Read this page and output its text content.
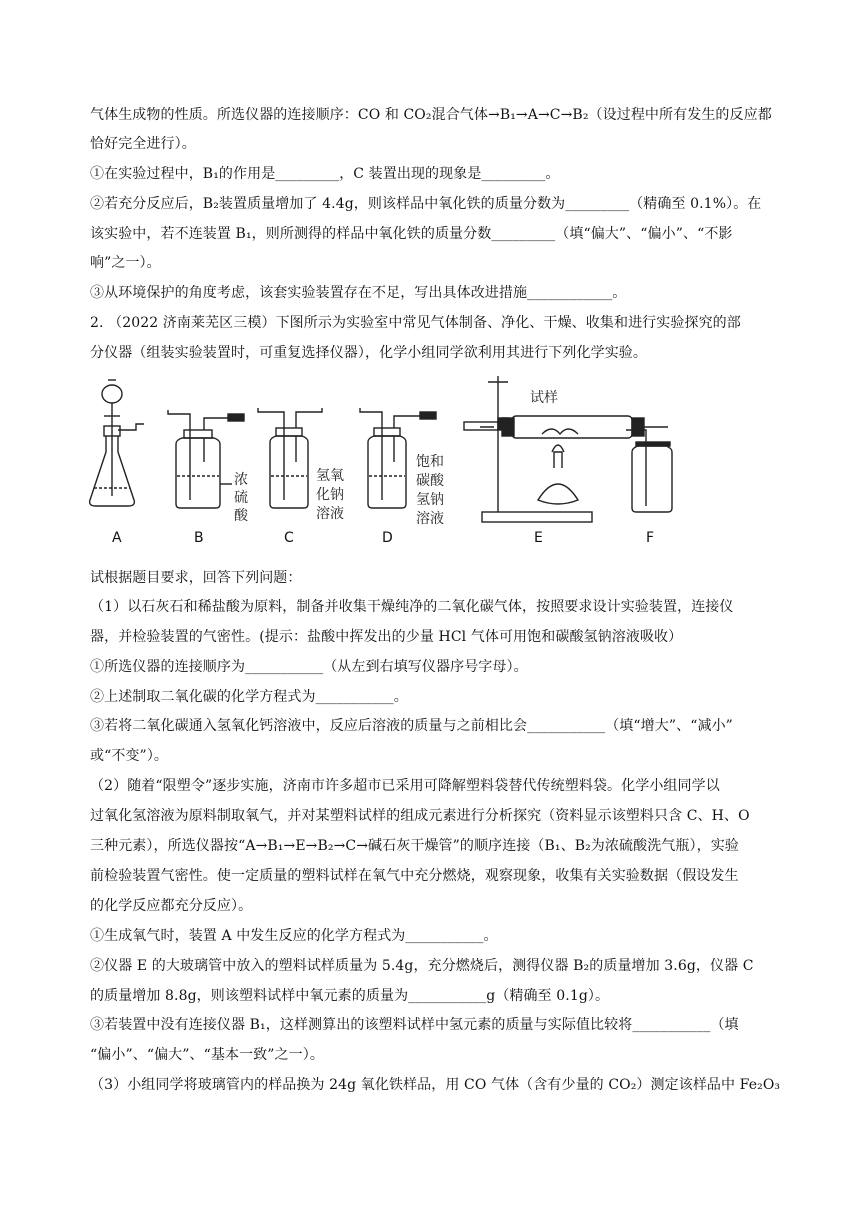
气体生成物的性质。所选仪器的连接顺序：CO 和 CO₂混合气体→B₁→A→C→B₂（设过程中所有发生的反应都
恰好完全进行）。
①在实验过程中，B₁的作用是_________，C 装置出现的现象是_________。
②若充分反应后，B₂装置质量增加了 4.4g，则该样品中氧化铁的质量分数为_________（精确至 0.1%）。在
该实验中，若不连装置 B₁，则所测得的样品中氧化铁的质量分数_________（填“偏大”、“偏小”、“不影
响”之一）。
③从环境保护的角度考虑，该套实验装置存在不足，写出具体改进措施____________。
2. （2022 济南莱芜区三模）下图所示为实验室中常见气体制备、净化、干燥、收集和进行实验探究的部
分仪器（组装实验装置时，可重复选择仪器），化学小组同学欲利用其进行下列化学实验。
浓
硫
酸
氢氧
化钠
溶液
饱和
碳酸
氢钠
溶液
试样
A	B	C	D	E	F
试根据题目要求，回答下列问题：
（1）以石灰石和稀盐酸为原料，制备并收集干燥纯净的二氧化碳气体，按照要求设计实验装置，连接仪
器，并检验装置的气密性。(提示：盐酸中挥发出的少量 HCl 气体可用饱和碳酸氢钠溶液吸收）
①所选仪器的连接顺序为___________（从左到右填写仪器序号字母）。
②上述制取二氧化碳的化学方程式为___________。
③若将二氧化碳通入氢氧化钙溶液中，反应后溶液的质量与之前相比会___________（填“增大”、“减小”
或“不变”）。
（2）随着“限塑令”逐步实施，济南市许多超市已采用可降解塑料袋替代传统塑料袋。化学小组同学以
过氧化氢溶液为原料制取氧气，并对某塑料试样的组成元素进行分析探究（资料显示该塑料只含 C、H、O
三种元素），所选仪器按“A→B₁→E→B₂→C→碱石灰干燥管”的顺序连接（B₁、B₂为浓硫酸洗气瓶），实验
前检验装置气密性。使一定质量的塑料试样在氧气中充分燃烧，观察现象，收集有关实验数据（假设发生
的化学反应都充分反应）。
①生成氧气时，装置 A 中发生反应的化学方程式为___________。
②仪器 E 的大玻璃管中放入的塑料试样质量为 5.4g，充分燃烧后，测得仪器 B₂的质量增加 3.6g，仪器 C
的质量增加 8.8g，则该塑料试样中氧元素的质量为___________g（精确至 0.1g）。
③若装置中没有连接仪器 B₁，这样测算出的该塑料试样中氢元素的质量与实际值比较将___________（填
“偏小”、“偏大”、“基本一致”之一）。
（3）小组同学将玻璃管内的样品换为 24g 氧化铁样品，用 CO 气体（含有少量的 CO₂）测定该样品中 Fe₂O₃
